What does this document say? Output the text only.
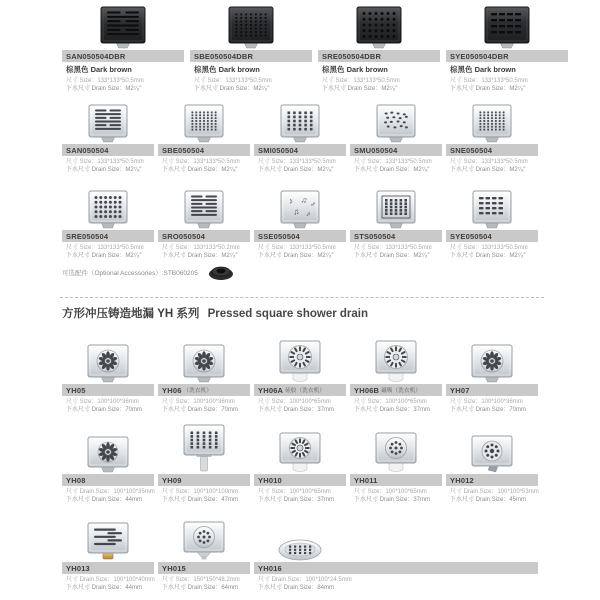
可选配件（Optional Accessories）:STB060205
方形冲压铸造地漏 YH 系列 Pressed square shower drain
SAN050504DBR
棕黑色 Dark brown
尺寸 Size：133*133*50.5mm
下水尺寸 Drain Size：M2⁷⁄₈″
SBE050504DBR
棕黑色 Dark brown
尺寸 Size：133*133*50.5mm
下水尺寸 Drain Size：M2⁷⁄₈″
SRE050504DBR
棕黑色 Dark brown
尺寸 Size：133*133*50.5mm
下水尺寸 Drain Size：M2⁷⁄₈″
SYE050504DBR
棕黑色 Dark brown
尺寸 Size：133*133*50.5mm
下水尺寸 Drain Size：M2⁷⁄₈″
SAN050504
尺寸 Size：133*133*50.5mm
下水尺寸 Drain Size：M2⁷⁄₈″
SBE050504
尺寸 Size：133*133*50.5mm
下水尺寸 Drain Size：M2⁷⁄₈″
SMI050504
尺寸 Size：133*133*50.5mm
下水尺寸 Drain Size：M2⁷⁄₈″
SMU050504
尺寸 Size：133*133*50.5mm
下水尺寸 Drain Size：M2⁷⁄₈″
SNE050504
尺寸 Size：133*133*50.5mm
下水尺寸 Drain Size：M2⁷⁄₈″
SRE050504
尺寸 Size：133*133*50.5mm
下水尺寸 Drain Size：M2⁷⁄₈″
SRO050504
尺寸 Size：133*133*50.2mm
下水尺寸 Drain Size：M2⁷⁄₈″
♪ ♫ ♪
♫ ♪
SSE050504
尺寸 Size：133*133*50.5mm
下水尺寸 Drain Size：M2⁷⁄₈″
STS050504
尺寸 Size：133*133*50.5mm
下水尺寸 Drain Size：M2⁷⁄₈″
SYE050504
尺寸 Size：133*133*50.5mm
下水尺寸 Drain Size：M2⁷⁄₈″
YH05
尺寸 Size：100*100*36mm
下水尺寸 Drain Size：70mm
YH06 （洗衣机）
尺寸 Size：100*100*36mm
下水尺寸 Drain Size：70mm
YH06A 硅胶（洗衣机）
尺寸 Size：100*100*65mm
下水尺寸 Drain Size：37mm
YH06B 磁吸（洗衣机）
尺寸 Size：100*100*65mm
下水尺寸 Drain Size：37mm
YH07
尺寸 Size：100*100*36mm
下水尺寸 Drain Size：70mm
YH08
尺寸 Drain Size：100*100*35mm
下水尺寸 Drain Size：44mm
YH09
尺寸 Size：100*100*100mm
下水尺寸 Drain Size：47mm
YH010
尺寸 Size：100*100*65mm
下水尺寸 Drain Size：37mm
YH011
尺寸 Size：100*100*65mm
下水尺寸 Drain Size：37mm
YH012
尺寸 Drain Size：100*100*53mm
下水尺寸 Drain Size：45mm
YH013
尺寸 Drain Size：100*100*40mm
下水尺寸 Drain Size：44mm
YH015
尺寸 Size：150*150*48.2mm
下水尺寸 Drain Size：64mm
YH016
尺寸 Drain Size：100*100*24.5mm
下水尺寸 Drain Size：84mm
